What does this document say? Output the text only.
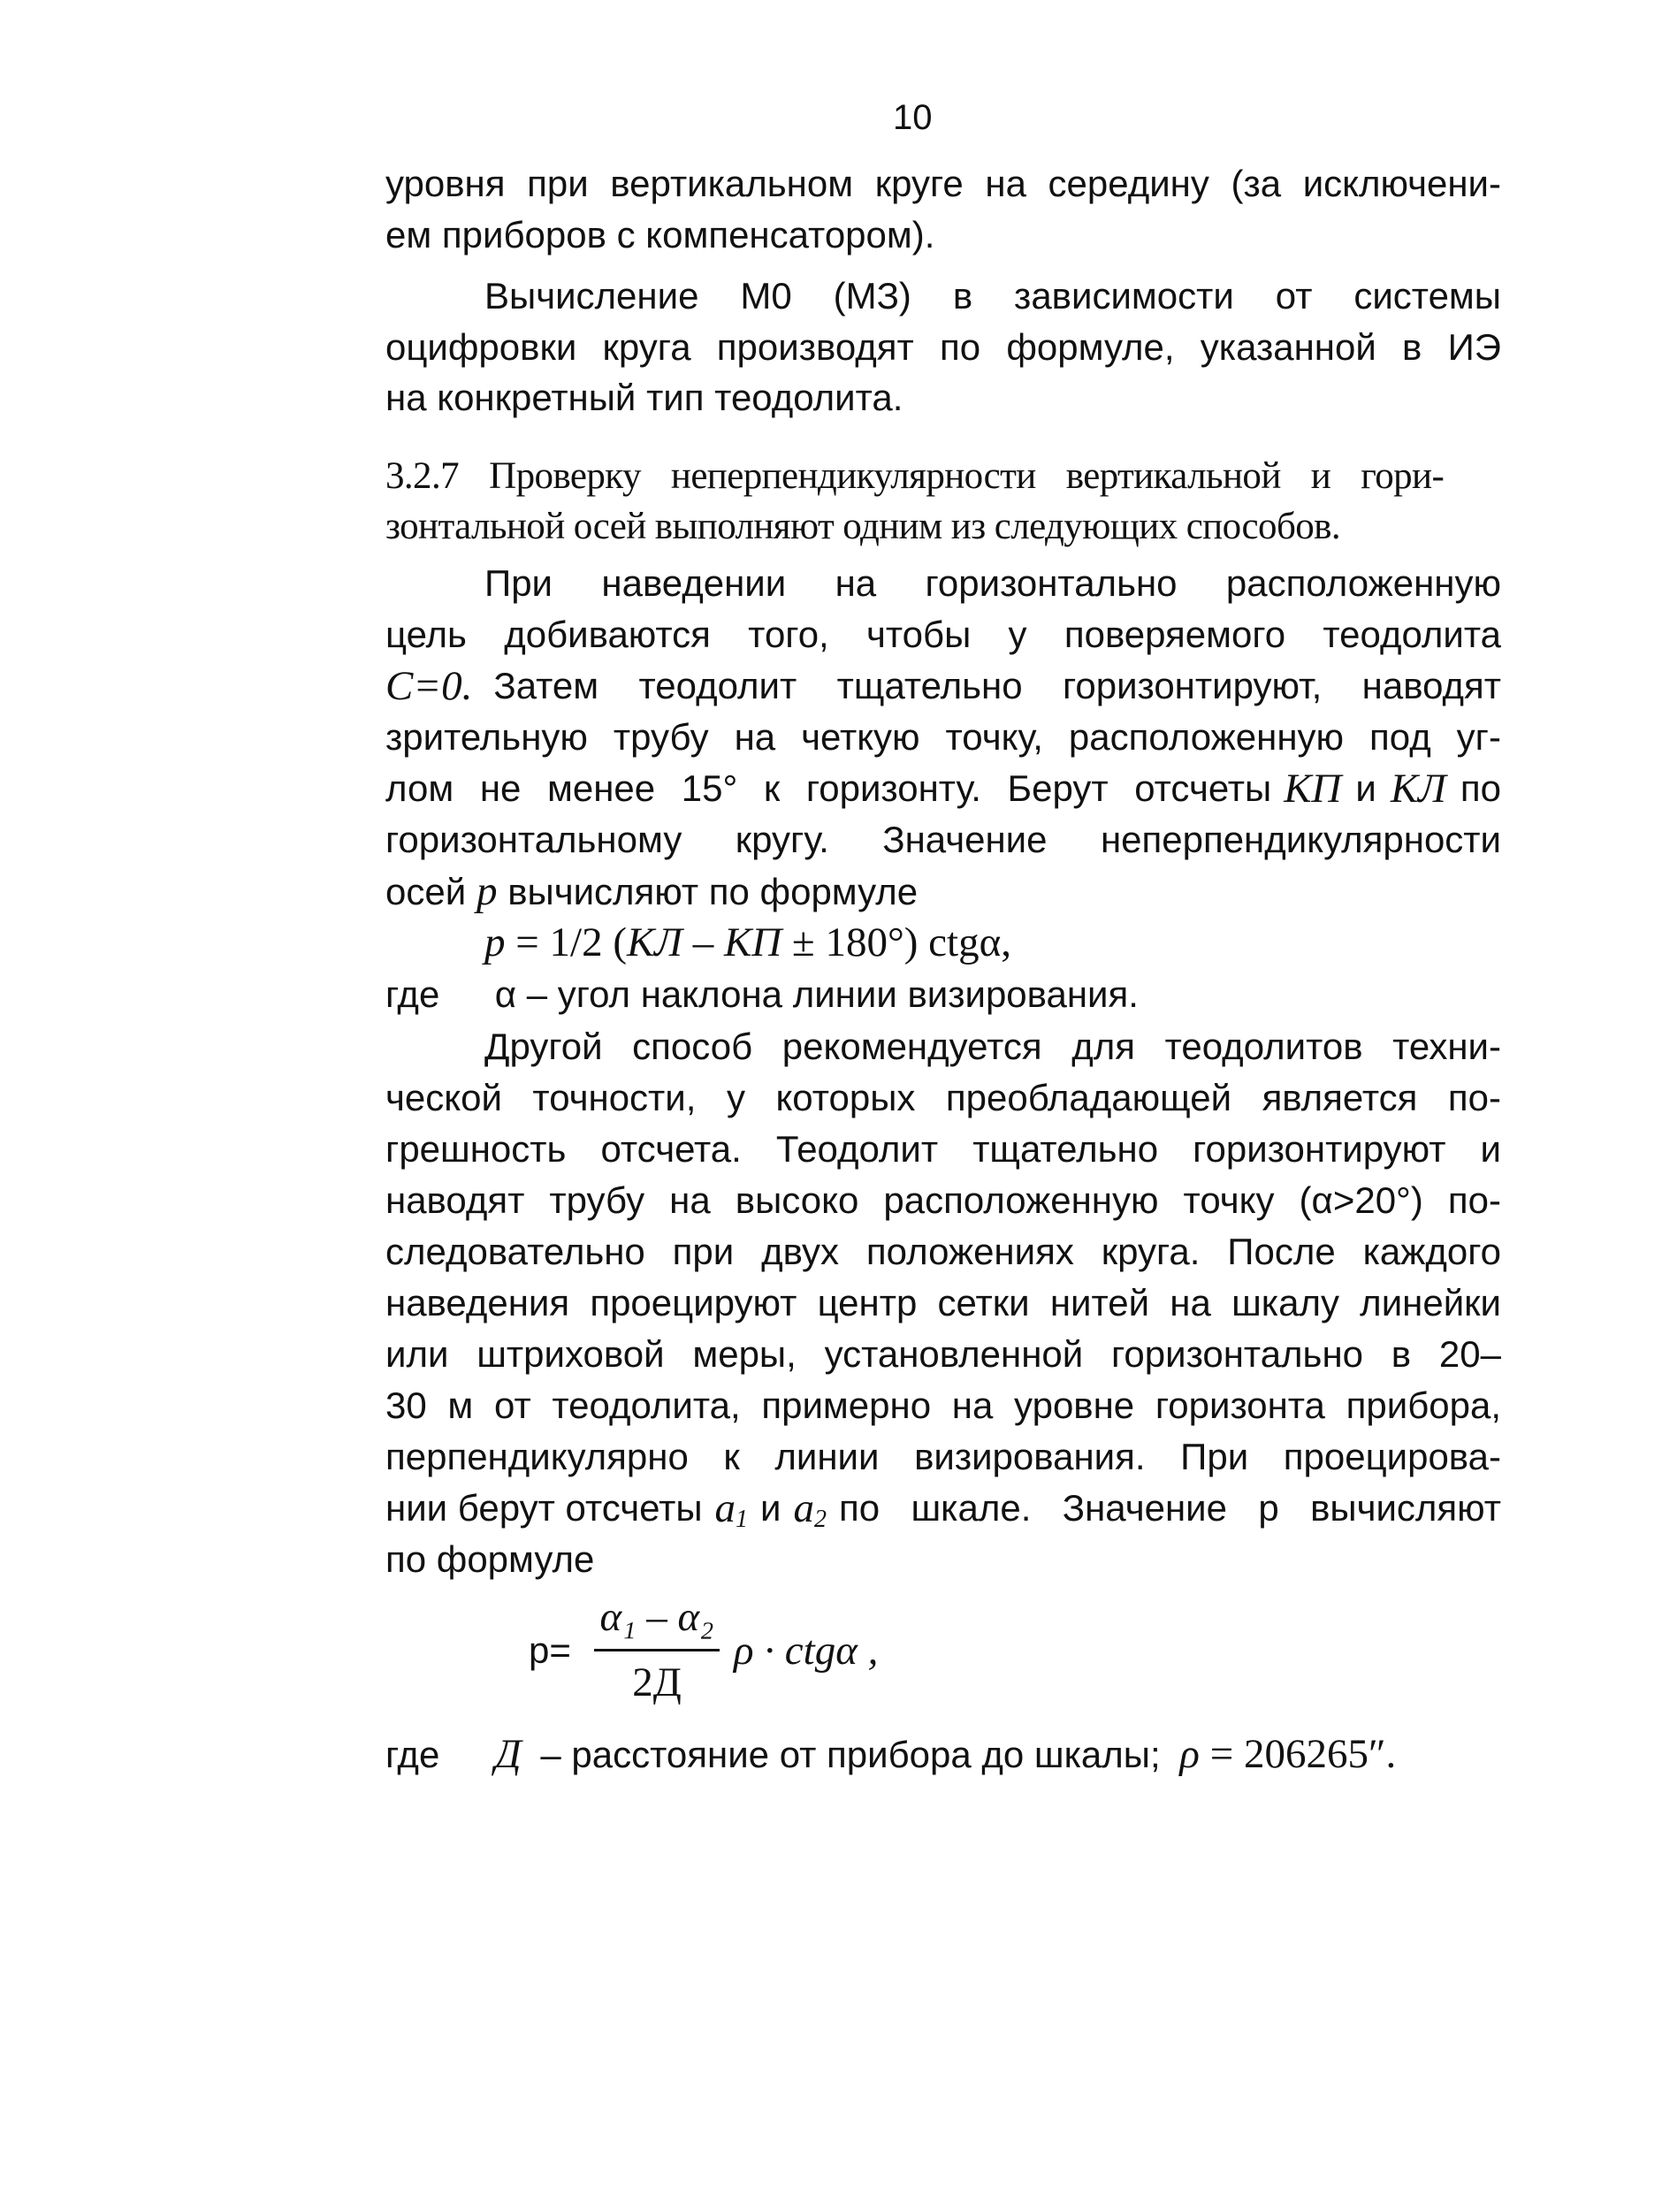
10
уровня при вертикальном круге на середину (за исключени-
ем приборов с компенсатором).
Вычисление М0 (МЗ) в зависимости от системы
оцифровки круга производят по формуле, указанной в ИЭ
на конкретный тип теодолита.
3.2.7 Проверку неперпендикулярности вертикальной и гори-
зонтальной осей выполняют одним из следующих способов.
При наведении на горизонтально расположенную
цель добиваются того, чтобы у поверяемого теодолита
C=0. Затем теодолит тщательно горизонтируют, наводят
зрительную трубу на четкую точку, расположенную под уг-
лом не менее 15° к горизонту. Берут отсчеты КП и КЛ по
горизонтальному кругу. Значение неперпендикулярности
осей p вычисляют по формуле
p = 1/2 (КЛ – КП ± 180°) ctgα,
где α – угол наклона линии визирования.
Другой способ рекомендуется для теодолитов техни-
ческой точности, у которых преобладающей является по-
грешность отсчета. Теодолит тщательно горизонтируют и
наводят трубу на высоко расположенную точку (α>20°) по-
следовательно при двух положениях круга. После каждого
наведения проецируют центр сетки нитей на шкалу линейки
или штриховой меры, установленной горизонтально в 20–
30 м от теодолита, примерно на уровне горизонта прибора,
перпендикулярно к линии визирования. При проецирова-
нии берут отсчеты $a_1$ и $a_2$ по шкале. Значение р вычисляют
по формуле
p=
α₁ – α₂
2Д
ρ · ctgα ,
где Д – расстояние от прибора до шкалы; ρ = 206265″.
